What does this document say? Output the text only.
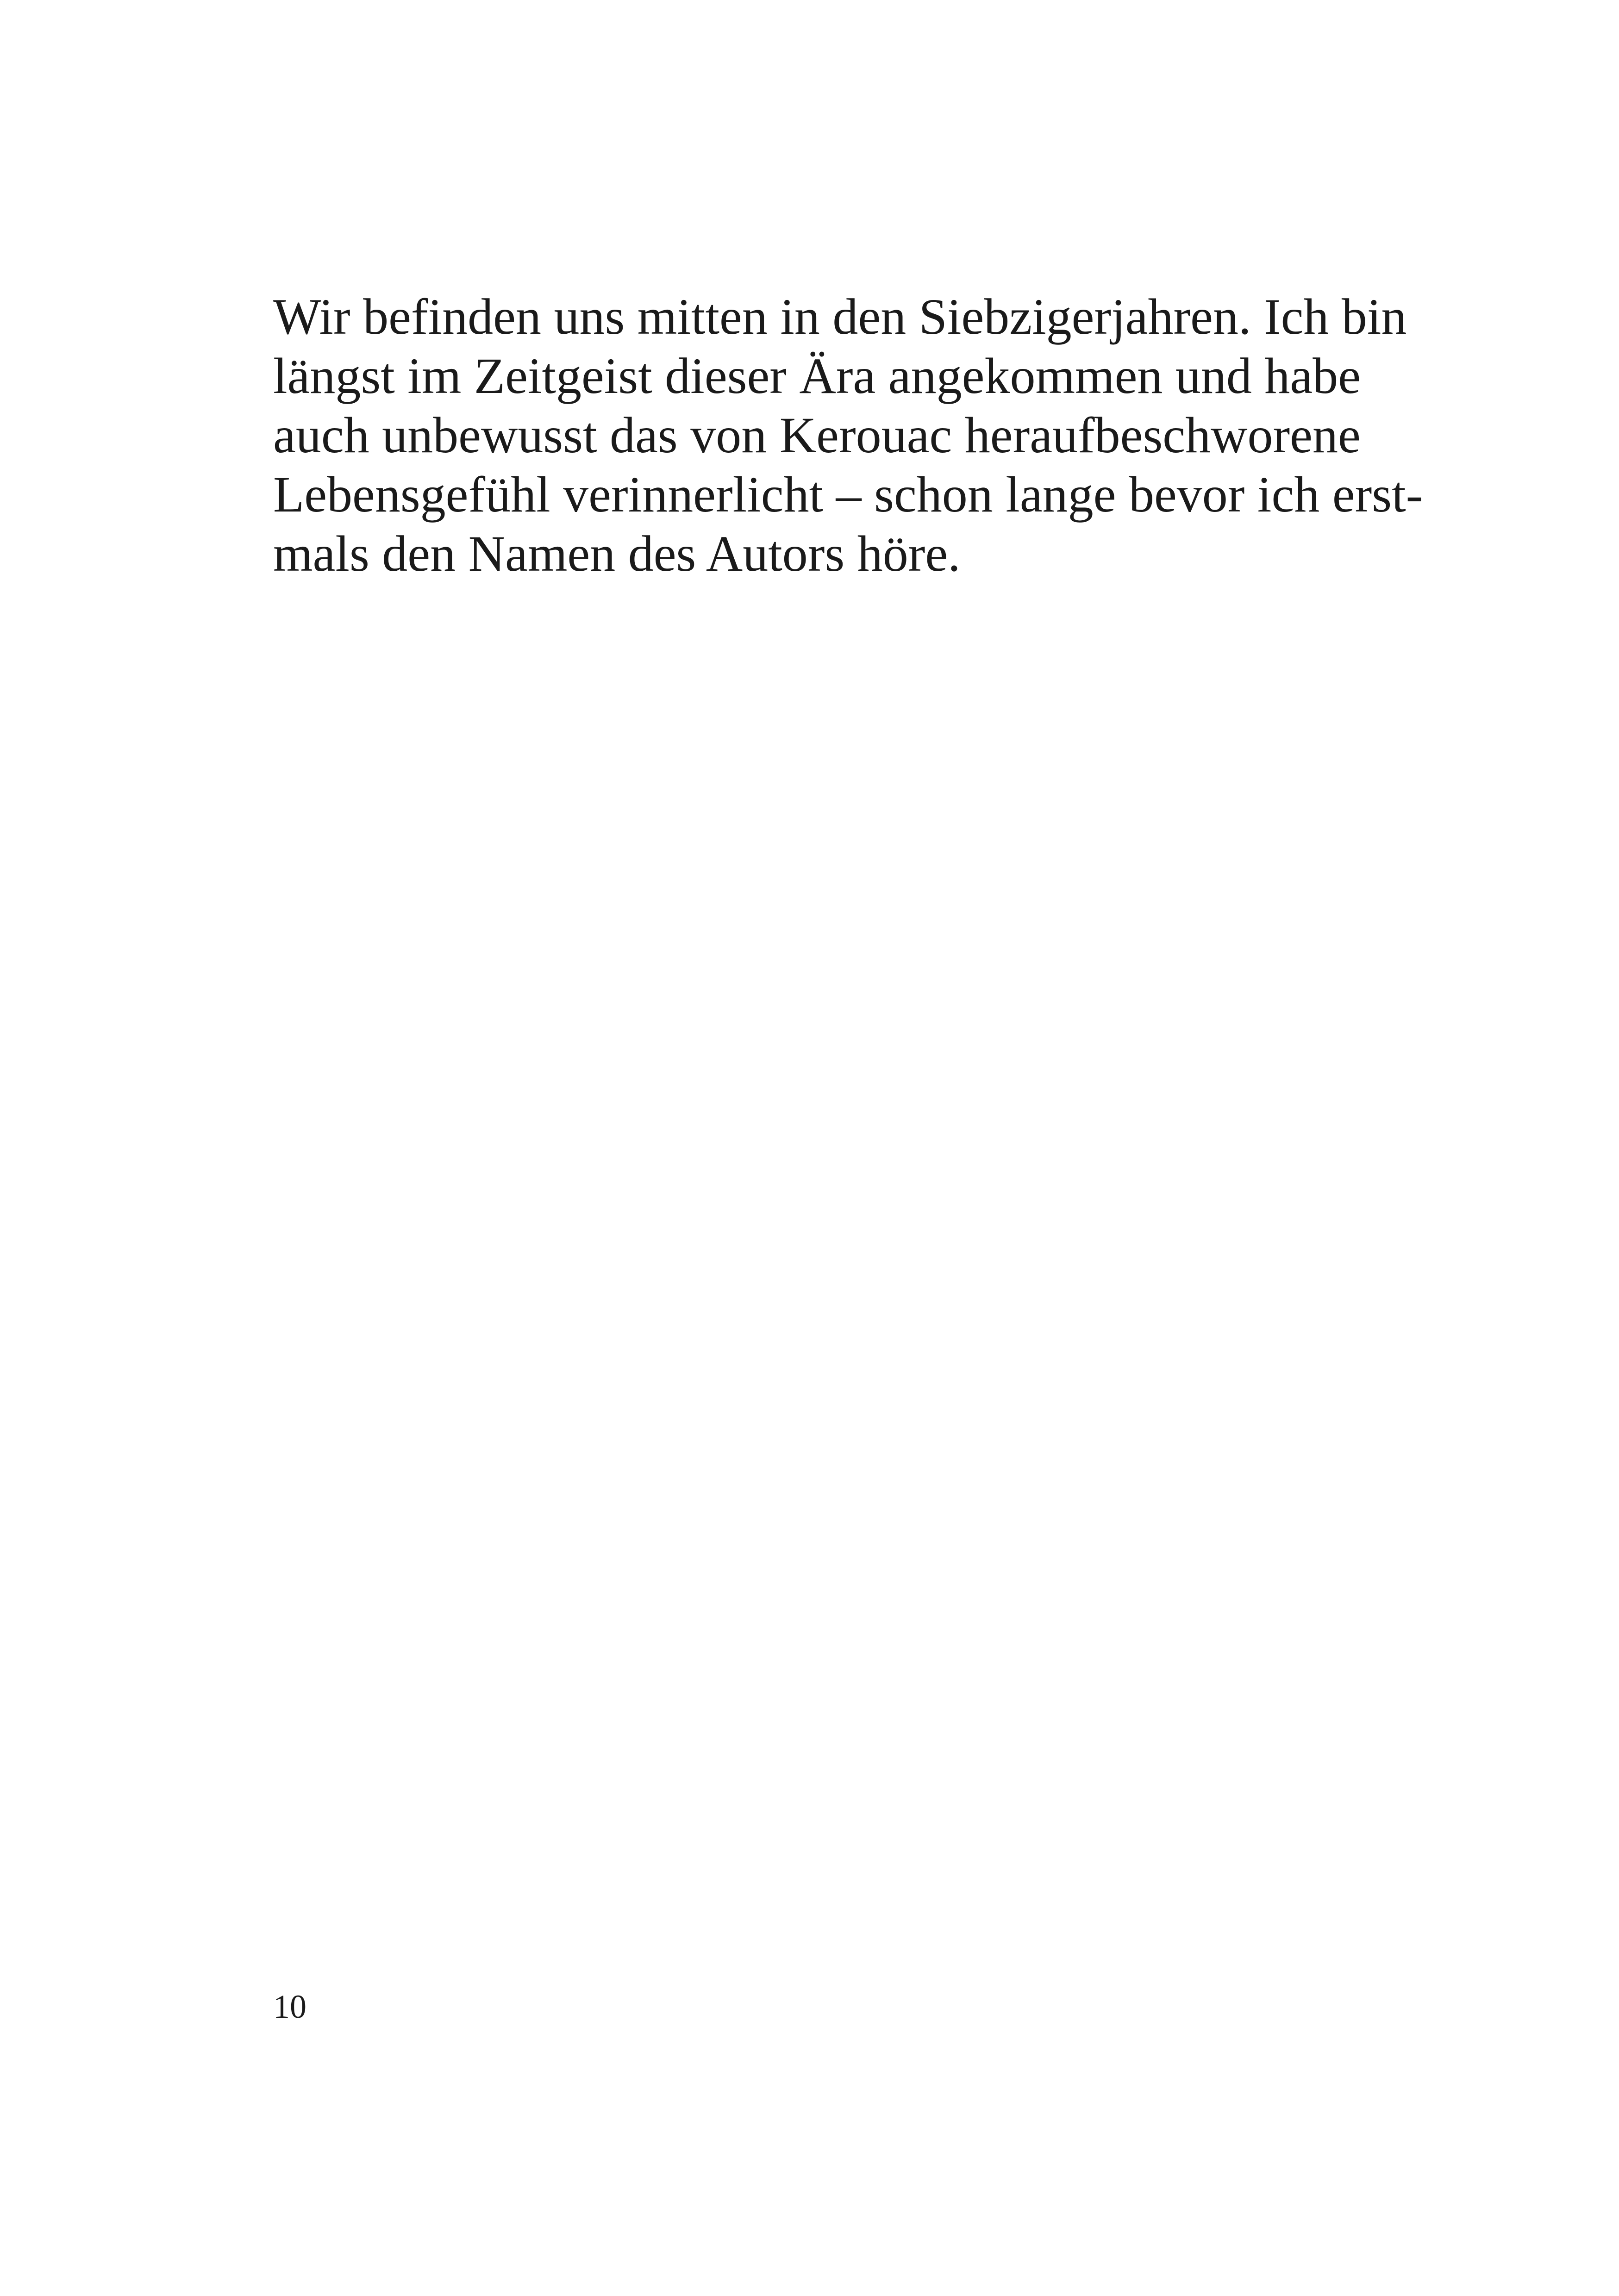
Wir befinden uns mitten in den Siebzigerjahren. Ich bin
längst im Zeitgeist dieser Ära angekommen und habe
auch unbewusst das von Kerouac heraufbeschworene
Lebensgefühl verinnerlicht – schon lange bevor ich erst-
mals den Namen des Autors höre.
10
